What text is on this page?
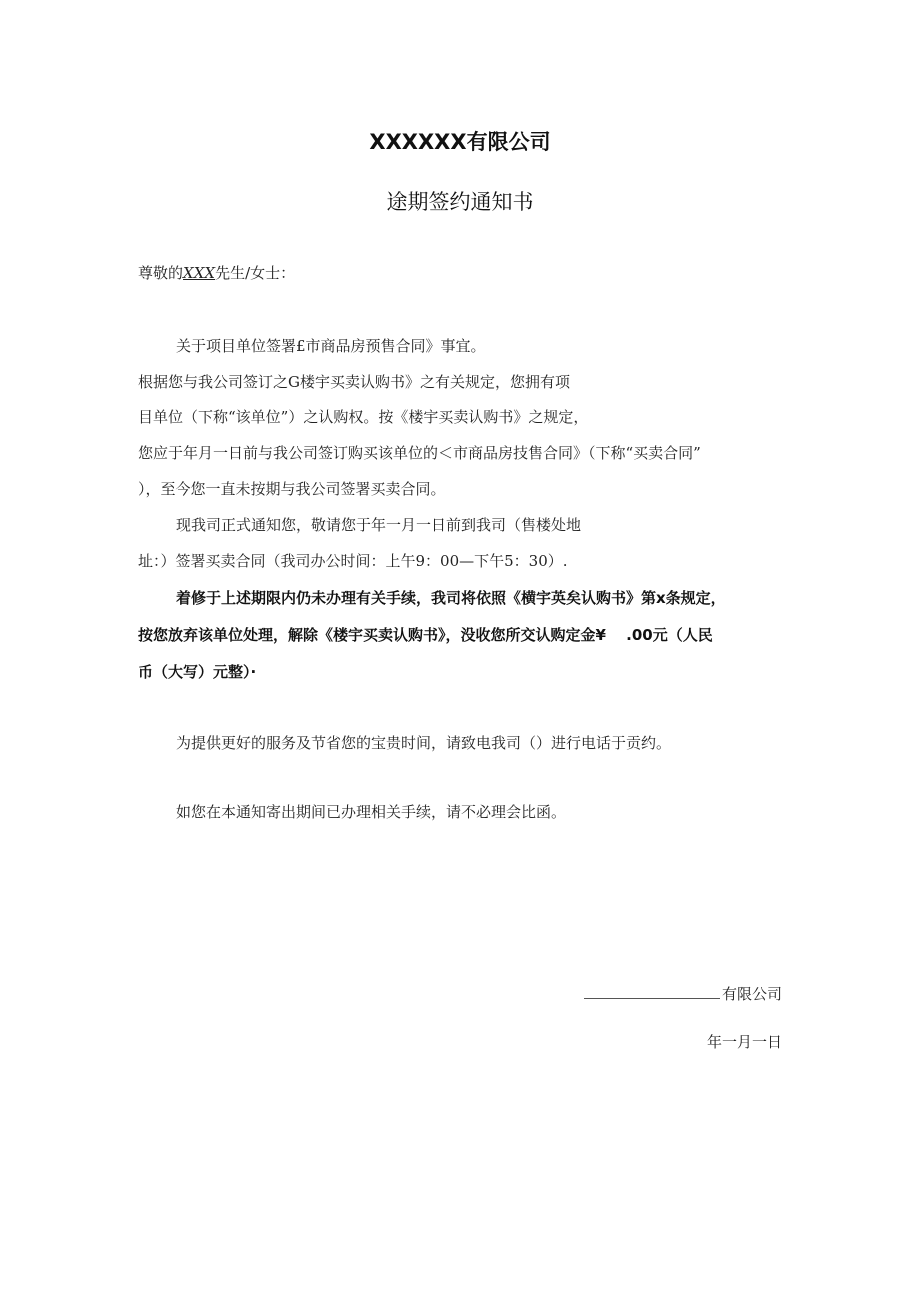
XXXXXX有限公司
途期签约通知书
尊敬的XXX先生/女士：
关于项目单位签署£市商品房预售合同》事宜。
根据您与我公司签订之G楼宇买卖认购书》之有关规定，您拥有项
目单位（下称“该单位”）之认购权。按《楼宇买卖认购书》之规定，
您应于年月一日前与我公司签订购买该单位的＜市商品房技售合同》（下称“买卖合同”
），至今您一直未按期与我公司签署买卖合同。
现我司正式通知您，敬请您于年一月一日前到我司（售楼处地
址：）签署买卖合同（我司办公时间：上午9：00—下午5：30）.
着修于上述期限内仍未办理有关手续，我司将依照《横宇英矣认购书》第x条规定，
按您放弃该单位处理，解除《楼宇买卖认购书》，没收您所交认购定金¥　 .00元（人民
币（大写）元整）·
为提供更好的服务及节省您的宝贵时间，请致电我司（）进行电话于贡约。
如您在本通知寄出期间已办理相关手续，请不必理会比函。
有限公司
年一月一日
